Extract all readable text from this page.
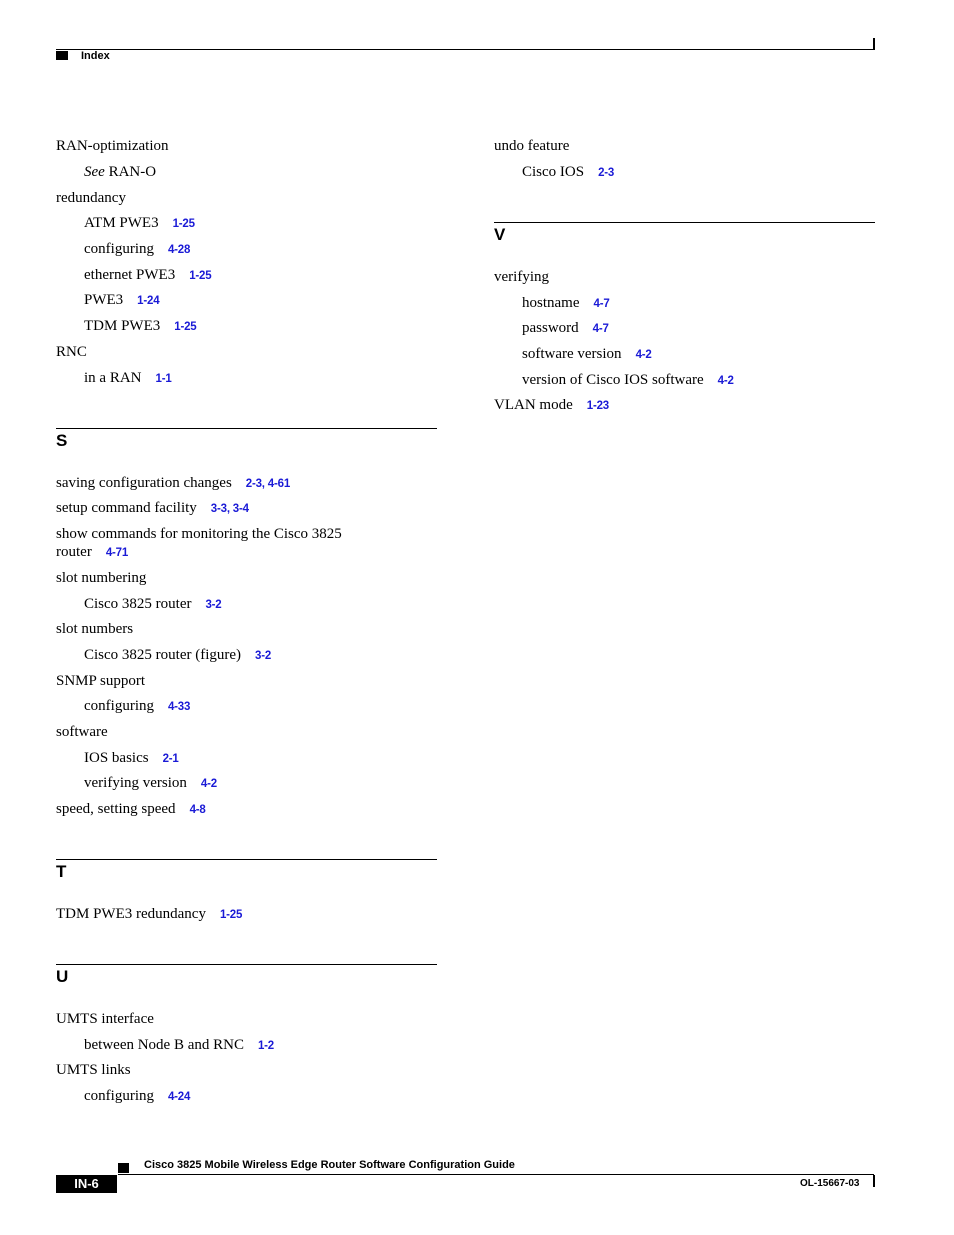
Index
RAN-optimization
See RAN-O
redundancy
ATM PWE3 1-25
configuring 4-28
ethernet PWE3 1-25
PWE3 1-24
TDM PWE3 1-25
RNC
in a RAN 1-1
S
saving configuration changes 2-3, 4-61
setup command facility 3-3, 3-4
show commands for monitoring the Cisco 3825
router 4-71
slot numbering
Cisco 3825 router 3-2
slot numbers
Cisco 3825 router (figure) 3-2
SNMP support
configuring 4-33
software
IOS basics 2-1
verifying version 4-2
speed, setting speed 4-8
T
TDM PWE3 redundancy 1-25
U
UMTS interface
between Node B and RNC 1-2
UMTS links
configuring 4-24
undo feature
Cisco IOS 2-3
V
verifying
hostname 4-7
password 4-7
software version 4-2
version of Cisco IOS software 4-2
VLAN mode 1-23
Cisco 3825 Mobile Wireless Edge Router Software Configuration Guide
IN-6	OL-15667-03
